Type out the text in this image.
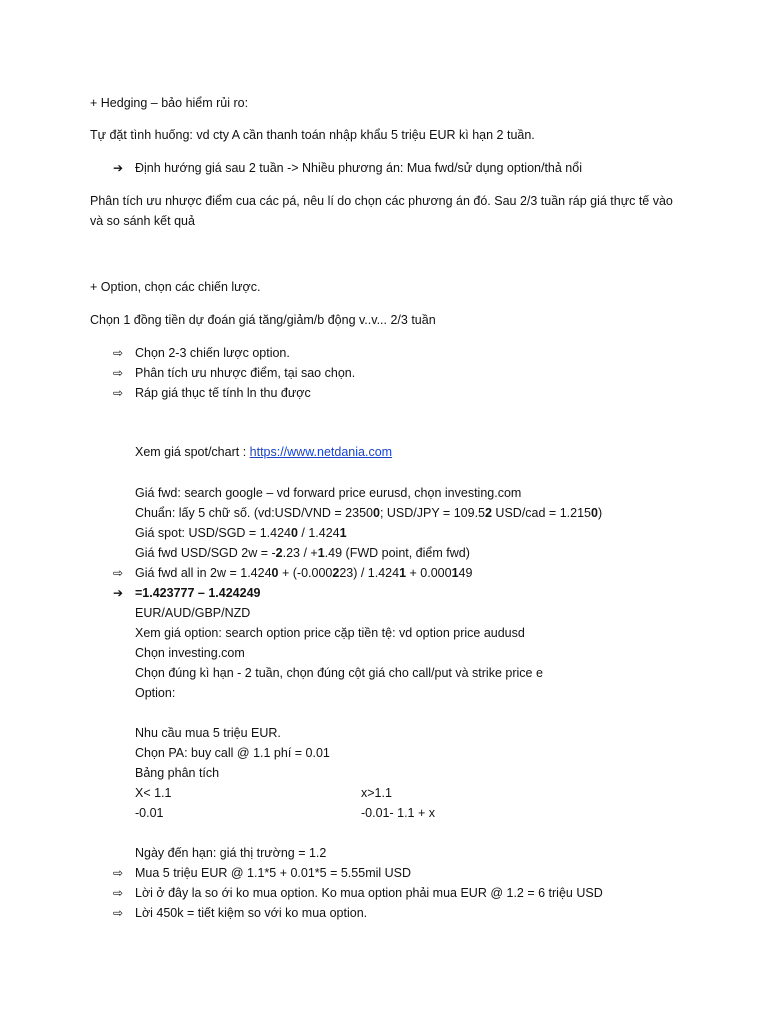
+ Hedging – bảo hiểm rủi ro:
Tự đặt tình huống: vd cty A cần thanh toán nhập khẩu 5 triệu EUR kì hạn 2 tuần.
➔ Định hướng giá sau 2 tuần -> Nhiều phương án: Mua fwd/sử dụng option/thả nổi
Phân tích ưu nhược điểm cua các pá, nêu lí do chọn các phương án đó. Sau 2/3 tuần ráp giá thực tế vào và so sánh kết quả
+ Option, chọn các chiến lược.
Chọn 1 đồng tiền dự đoán giá tăng/giảm/b động v..v... 2/3 tuần
⇨ Chọn 2-3 chiến lược option.
⇨ Phân tích ưu nhược điểm, tại sao chọn.
⇨ Ráp giá thục tế tính ln thu được
Xem giá spot/chart : https://www.netdania.com
Giá fwd: search google – vd forward price eurusd, chọn investing.com
Chuẩn: lấy 5 chữ số. (vd:USD/VND = 23500; USD/JPY = 109.52 USD/cad = 1.2150)
Giá spot: USD/SGD = 1.4240 / 1.4241
Giá fwd USD/SGD 2w = -2.23 / +1.49 (FWD point, điểm fwd)
⇨ Giá fwd all in 2w = 1.4240 + (-0.000223) / 1.4241 + 0.000149
➔ =1.423777 – 1.424249
EUR/AUD/GBP/NZD
Xem giá option: search option price cặp tiền tệ: vd option price audusd
Chọn investing.com
Chọn đúng kì hạn - 2 tuần, chọn đúng cột giá cho call/put và strike price e
Option:
Nhu cầu mua 5 triệu EUR.
Chọn PA: buy call @ 1.1 phí = 0.01
Bảng phân tích
X< 1.1	x>1.1
-0.01	-0.01- 1.1 + x
Ngày đến hạn: giá thị trường = 1.2
⇨ Mua 5 triệu EUR @ 1.1*5 + 0.01*5 = 5.55mil USD
⇨ Lời ở đây la so ới ko mua option. Ko mua option phải mua EUR @ 1.2 = 6 triệu USD
⇨ Lời 450k = tiết kiệm so với ko mua option.
